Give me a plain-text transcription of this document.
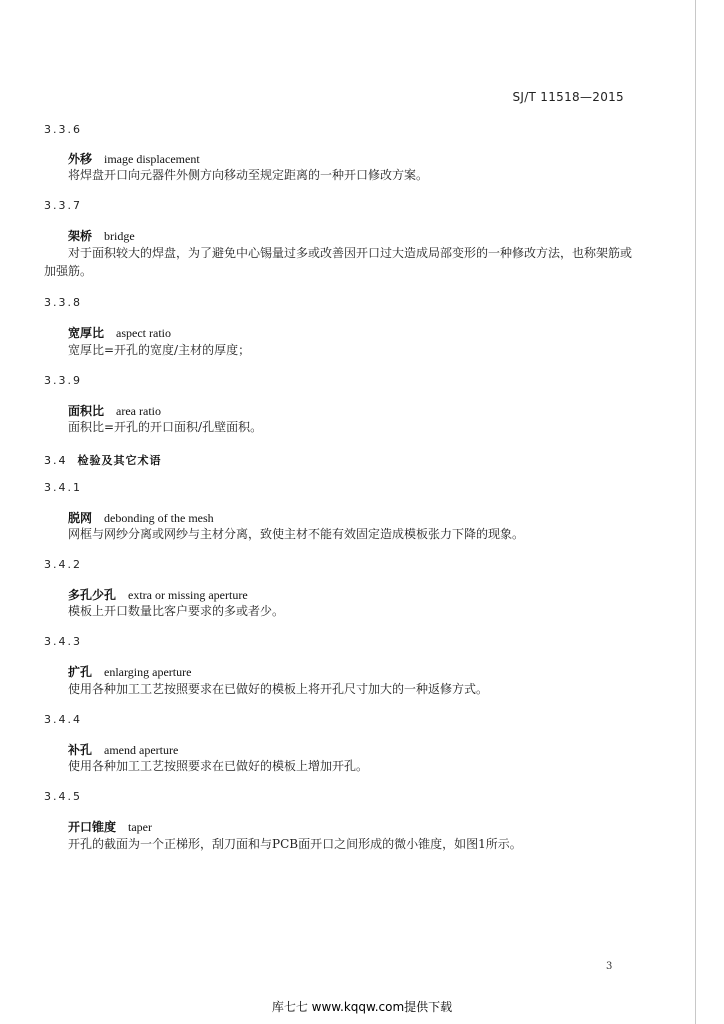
SJ/T 11518—2015
3.3.6
外移 image displacement
将焊盘开口向元器件外侧方向移动至规定距离的一种开口修改方案。
3.3.7
架桥 bridge
对于面积较大的焊盘，为了避免中心锡量过多或改善因开口过大造成局部变形的一种修改方法，也称架筋或加强筋。
3.3.8
宽厚比 aspect ratio
宽厚比=开孔的宽度/主材的厚度；
3.3.9
面积比 area ratio
面积比=开孔的开口面积/孔壁面积。
3.4 检验及其它术语
3.4.1
脱网 debonding of the mesh
网框与网纱分离或网纱与主材分离，致使主材不能有效固定造成模板张力下降的现象。
3.4.2
多孔少孔 extra or missing aperture
模板上开口数量比客户要求的多或者少。
3.4.3
扩孔 enlarging aperture
使用各种加工工艺按照要求在已做好的模板上将开孔尺寸加大的一种返修方式。
3.4.4
补孔 amend aperture
使用各种加工工艺按照要求在已做好的模板上增加开孔。
3.4.5
开口锥度 taper
开孔的截面为一个正梯形，刮刀面和与PCB面开口之间形成的微小锥度，如图1所示。
3
库七七 www.kqqw.com提供下载
